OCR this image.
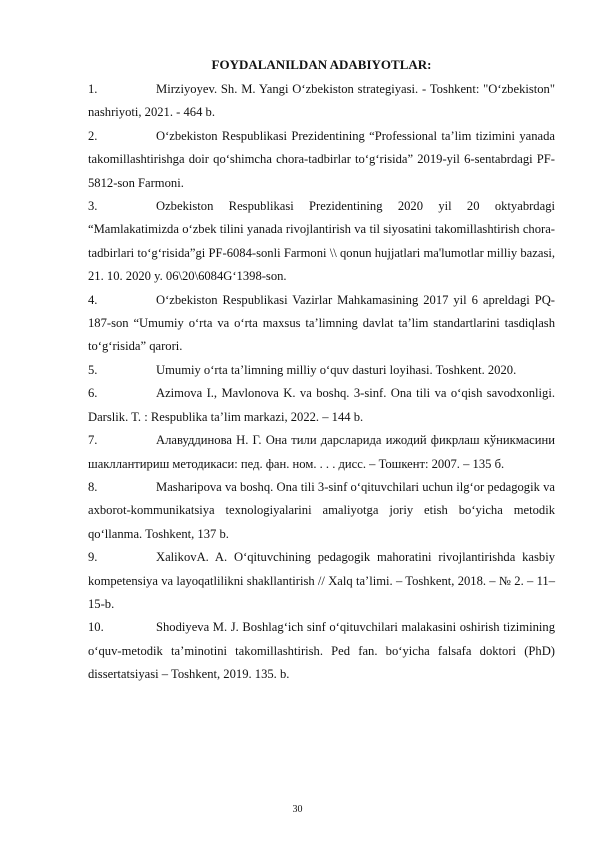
FOYDALANILDAN ADABIYOTLAR:
1.	Mirziyoyev. Sh. M. Yangi O‘zbekiston strategiyasi. - Toshkent: "O‘zbekiston" nashriyoti, 2021. - 464 b.
2.	O‘zbekiston Respublikasi Prezidentining “Professional ta’lim tizimini yanada takomillashtirishga doir qo‘shimcha chora-tadbirlar to‘g‘risida” 2019-yil 6-sentabrdagi PF-5812-son Farmoni.
3.	Ozbekiston Respublikasi Prezidentining 2020 yil 20 oktyabrdagi “Mamlakatimizda o‘zbek tilini yanada rivojlantirish va til siyosatini takomillashtirish chora-tadbirlari to‘g‘risida”gi PF-6084-sonli Farmoni \\ qonun hujjatlari ma'lumotlar milliy bazasi, 21. 10. 2020 y. 06\20\6084G‘1398-son.
4.	O‘zbekiston Respublikasi Vazirlar Mahkamasining 2017 yil 6 apreldagi PQ-187-son “Umumiy o‘rta va o‘rta maxsus ta’limning davlat ta’lim standartlarini tasdiqlash to‘g‘risida” qarori.
5.	Umumiy o‘rta ta’limning milliy o‘quv dasturi loyihasi. Toshkent. 2020.
6.	Azimova I., Mavlonova K. va boshq. 3-sinf. Ona tili va o‘qish savodxonligi. Darslik. T. : Respublika ta’lim markazi, 2022. – 144 b.
7.	Алавуддинова Н. Г. Она тили дарсларида ижодий фикрлаш кўникмасини шакллантириш методикаси: пед. фан. ном. . . . дисс. – Тошкент: 2007. – 135 б.
8.	Masharipova va boshq. Ona tili 3-sinf o‘qituvchilari uchun ilg‘or pedagogik va axborot-kommunikatsiya texnologiyalarini amaliyotga joriy etish bo‘yicha metodik qo‘llanma. Toshkent, 137 b.
9.	XalikovA. A. O‘qituvchining pedagogik mahoratini rivojlantirishda kasbiy kompetensiya va layoqatlilikni shakllantirish // Xalq ta’limi. – Toshkent, 2018. – № 2. – 11–15-b.
10.	Shodiyeva M. J. Boshlag‘ich sinf o‘qituvchilari malakasini oshirish tizimining o‘quv-metodik ta’minotini takomillashtirish. Ped fan. bo‘yicha falsafa doktori (PhD) dissertatsiyasi – Toshkent, 2019. 135. b.
30
